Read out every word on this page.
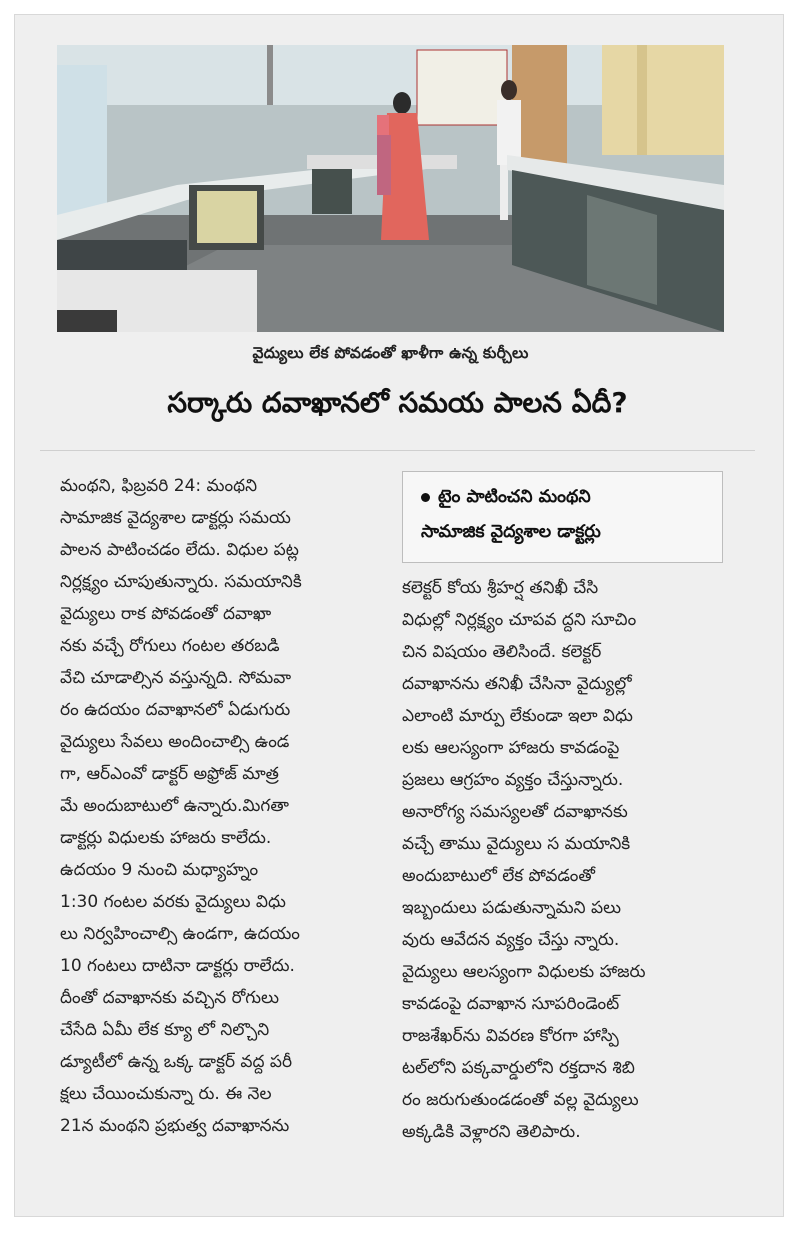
వైద్యులు లేక పోవడంతో ఖాళీగా ఉన్న కుర్చీలు
సర్కారు దవాఖానలో సమయ పాలన ఏదీ?
మంథని, ఫిబ్రవరి 24: మంథని
సామాజిక వైద్యశాల డాక్టర్లు సమయ
పాలన పాటించడం లేదు. విధుల పట్ల
నిర్లక్ష్యం చూపుతున్నారు. సమయానికి
వైద్యులు రాక పోవడంతో దవాఖా
నకు వచ్చే రోగులు గంటల తరబడి
వేచి చూడాల్సిన వస్తున్నది. సోమవా
రం ఉదయం దవాఖానలో ఏడుగురు
వైద్యులు సేవలు అందించాల్సి ఉండ
గా, ఆర్ఎంవో డాక్టర్ అఫ్రోజ్ మాత్ర
మే అందుబాటులో ఉన్నారు.మిగతా
డాక్టర్లు విధులకు హాజరు కాలేదు.
ఉదయం 9 నుంచి మధ్యాహ్నం
1:30 గంటల వరకు వైద్యులు విధు
లు నిర్వహించాల్సి ఉండగా, ఉదయం
10 గంటలు దాటినా డాక్టర్లు రాలేదు.
దీంతో దవాఖానకు వచ్చిన రోగులు
చేసేది ఏమీ లేక క్యూ లో నిల్చొని
డ్యూటీలో ఉన్న ఒక్క డాక్టర్ వద్ద పరీ
క్షలు చేయించుకున్నా రు. ఈ నెల
21న మంథని ప్రభుత్వ దవాఖానను
టైం పాటించని మంథని
సామాజిక వైద్యశాల డాక్టర్లు
కలెక్టర్ కోయ శ్రీహర్ష తనిఖీ చేసి
విధుల్లో నిర్లక్ష్యం చూపవ ద్దని సూచిం
చిన విషయం తెలిసిందే. కలెక్టర్
దవాఖానను తనిఖీ చేసినా వైద్యుల్లో
ఎలాంటి మార్పు లేకుండా ఇలా విధు
లకు ఆలస్యంగా హాజరు కావడంపై
ప్రజలు ఆగ్రహం వ్యక్తం చేస్తున్నారు.
అనారోగ్య సమస్యలతో దవాఖానకు
వచ్చే తాము వైద్యులు స మయానికి
అందుబాటులో లేక పోవడంతో
ఇబ్బందులు పడుతున్నామని పలు
వురు ఆవేదన వ్యక్తం చేస్తు న్నారు.
వైద్యులు ఆలస్యంగా విధులకు హాజరు
కావడంపై దవాఖాన సూపరిండెంట్
రాజశేఖర్‌ను వివరణ కోరగా హాస్పి
టల్‌లోని పక్కవార్డులోని రక్తదాన శిబి
రం జరుగుతుండడంతో వల్ల వైద్యులు
అక్కడికి వెళ్లారని తెలిపారు.
